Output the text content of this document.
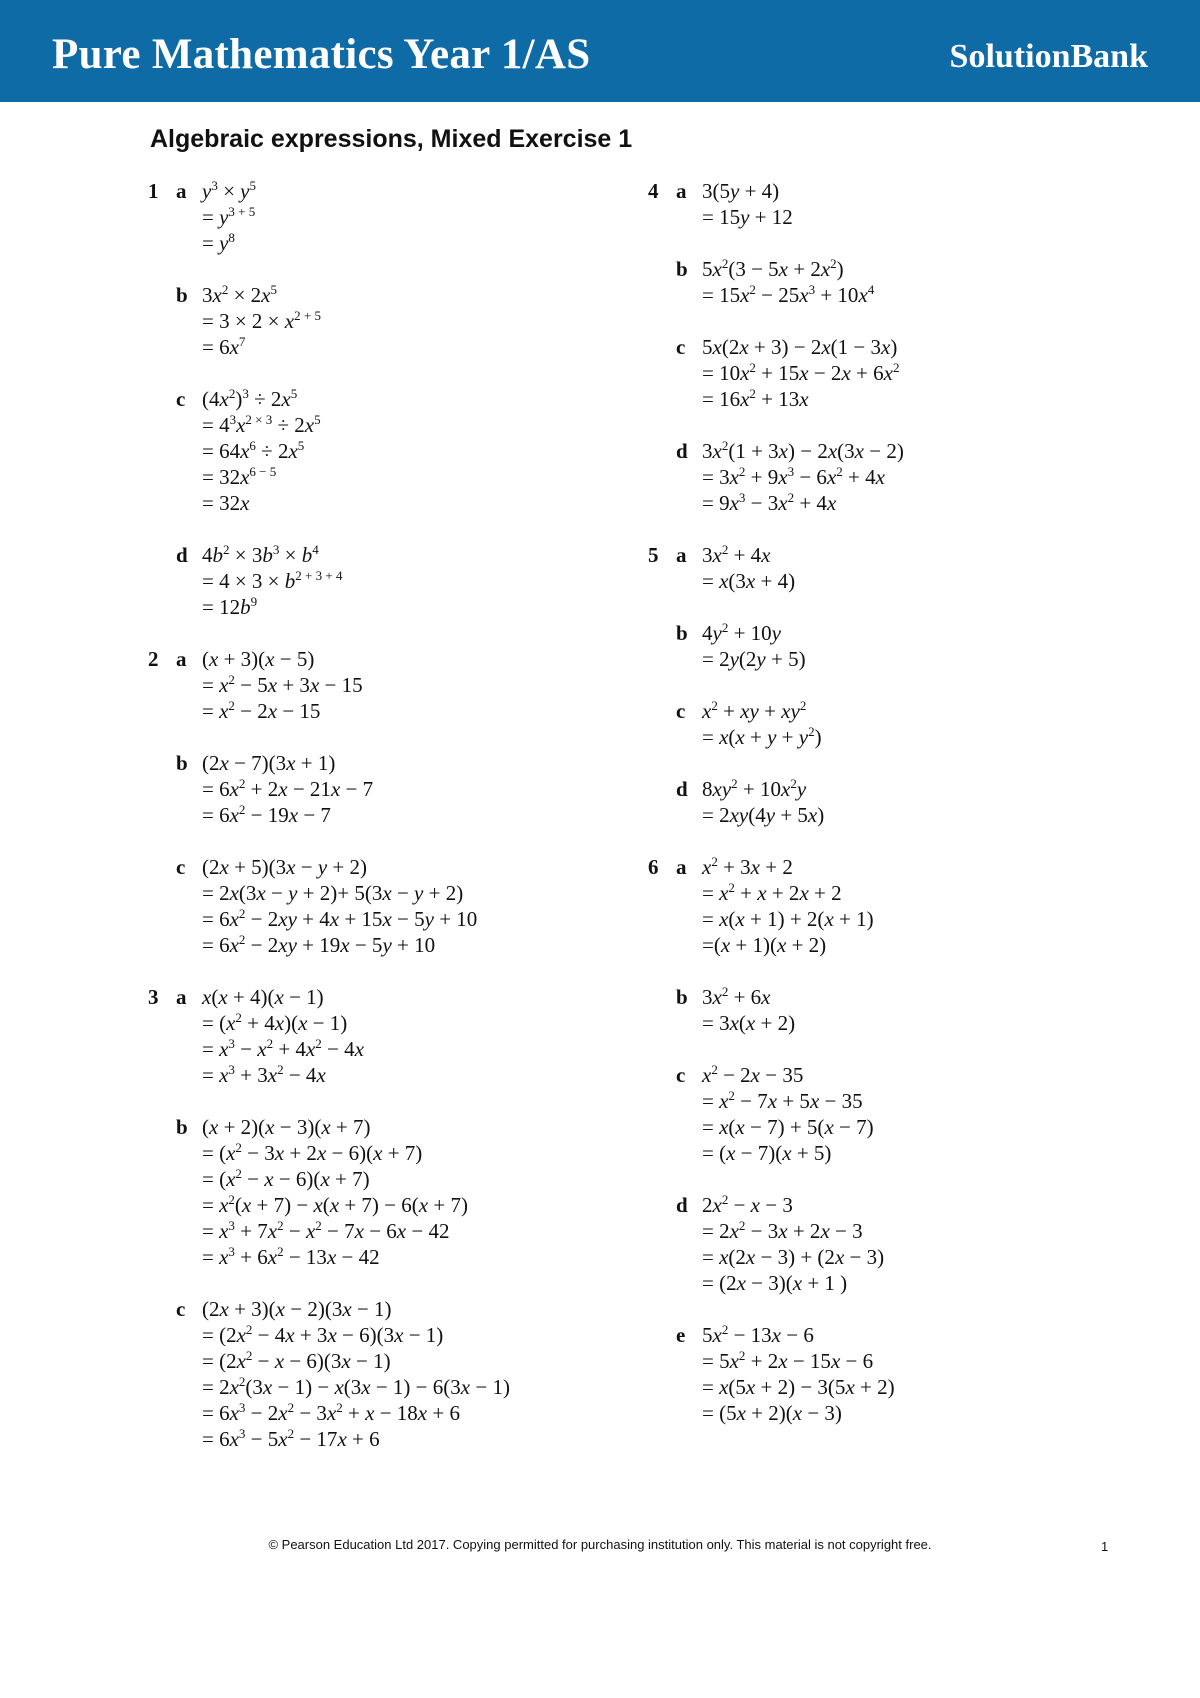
Pure Mathematics Year 1/AS	SolutionBank
Algebraic expressions, Mixed Exercise 1
1 a $y^3 \times y^5$
= $y^{3 + 5}$
= $y^8$
b $3x^2 \times 2x^5$
= $3 \times 2 \times x^{2 + 5}$
= $6x^7$
c $(4x^2)^3 \div 2x^5$
= $4^3x^{2 \times 3} \div 2x^5$
= $64x^6 \div 2x^5$
= $32x^{6 - 5}$
= 32x
d $4b^2 \times 3b^3 \times b^4$
= $4 \times 3 \times b^{2 + 3 + 4}$
= $12b^9$
2 a (x + 3)(x − 5)
= $x^2 - 5x + 3x - 15$
= $x^2 - 2x - 15$
b (2x − 7)(3x + 1)
= $6x^2 + 2x - 21x - 7$
= $6x^2 - 19x - 7$
c (2x + 5)(3x − y + 2)
= 2x(3x − y + 2)+ 5(3x − y + 2)
= $6x^2 - 2xy + 4x + 15x - 5y + 10$
= $6x^2 - 2xy + 19x - 5y + 10$
3 a x(x + 4)(x − 1)
= $(x^2 + 4x)(x - 1)$
= $x^3 - x^2 + 4x^2 - 4x$
= $x^3 + 3x^2 - 4x$
b (x + 2)(x − 3)(x + 7)
= $(x^2 - 3x + 2x - 6)(x + 7)$
= $(x^2 - x - 6)(x + 7)$
= $x^2(x + 7) - x(x + 7) - 6(x + 7)$
= $x^3 + 7x^2 - x^2 - 7x - 6x - 42$
= $x^3 + 6x^2 - 13x - 42$
c (2x + 3)(x − 2)(3x − 1)
= $(2x^2 - 4x + 3x - 6)(3x - 1)$
= $(2x^2 - x - 6)(3x - 1)$
= $2x^2(3x - 1) - x(3x - 1) - 6(3x - 1)$
= $6x^3 - 2x^2 - 3x^2 + x - 18x + 6$
= $6x^3 - 5x^2 - 17x + 6$
4 a 3(5y + 4)
= 15y + 12
b $5x^2(3 - 5x + 2x^2)$
= $15x^2 - 25x^3 + 10x^4$
c 5x(2x + 3) − 2x(1 − 3x)
= $10x^2 + 15x - 2x + 6x^2$
= $16x^2 + 13x$
d $3x^2(1 + 3x) - 2x(3x - 2)$
= $3x^2 + 9x^3 - 6x^2 + 4x$
= $9x^3 - 3x^2 + 4x$
5 a $3x^2 + 4x$
= x(3x + 4)
b $4y^2 + 10y$
= 2y(2y + 5)
c $x^2$ + xy + $xy^2$
= $x(x + y + y^2)$
d $8xy^2 + 10x^2y$
= 2xy(4y + 5x)
6 a $x^2 + 3x + 2$
= $x^2 + x + 2x + 2$
= x(x + 1) + 2(x + 1)
=(x + 1)(x + 2)
b $3x^2 + 6x$
= 3x(x + 2)
c $x^2 - 2x - 35$
= $x^2 - 7x + 5x - 35$
= x(x − 7) + 5(x − 7)
= (x − 7)(x + 5)
d $2x^2 - x - 3$
= $2x^2 - 3x + 2x - 3$
= x(2x − 3) + (2x − 3)
= (2x − 3)(x + 1 )
e $5x^2 - 13x - 6$
= $5x^2 + 2x - 15x - 6$
= x(5x + 2) − 3(5x + 2)
= (5x + 2)(x − 3)
© Pearson Education Ltd 2017. Copying permitted for purchasing institution only. This material is not copyright free.	1
